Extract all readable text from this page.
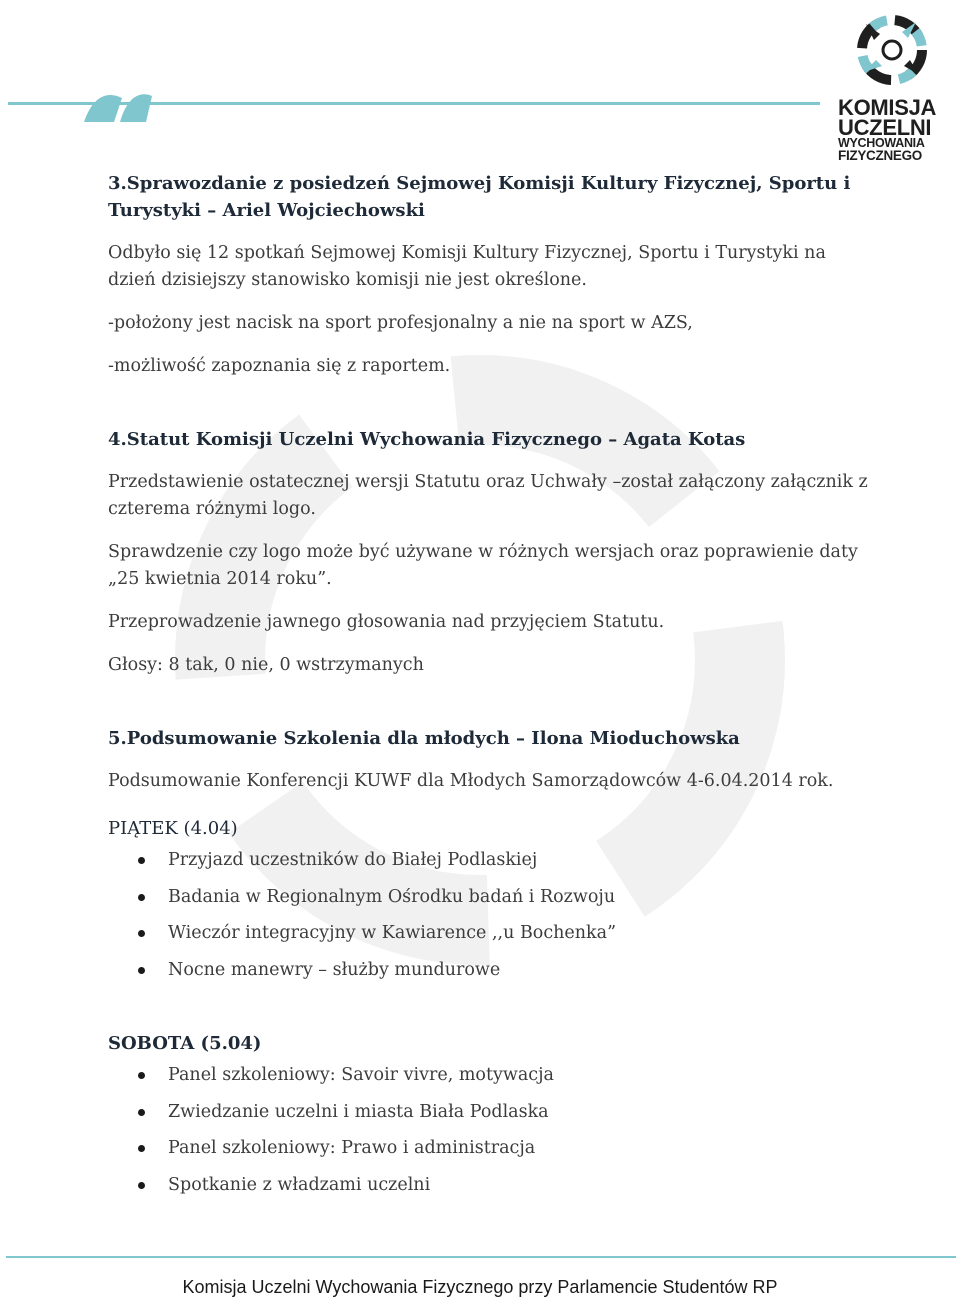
KOMISJA
UCZELNI
WYCHOWANIA
FIZYCZNEGO

3.Sprawozdanie z posiedzeń Sejmowej Komisji Kultury Fizycznej, Sportu i Turystyki – Ariel Wojciechowski

Odbyło się 12 spotkań Sejmowej Komisji Kultury Fizycznej, Sportu i Turystyki na dzień dzisiejszy stanowisko komisji nie jest określone.

-położony jest nacisk na sport profesjonalny a nie na sport w AZS,

-możliwość zapoznania się z raportem.

4.Statut Komisji Uczelni Wychowania Fizycznego – Agata Kotas

Przedstawienie ostatecznej wersji Statutu oraz Uchwały –został załączony załącznik z czterema różnymi logo.

Sprawdzenie czy logo może być używane w różnych wersjach oraz poprawienie daty „25 kwietnia 2014 roku”.

Przeprowadzenie jawnego głosowania nad przyjęciem Statutu.

Głosy: 8 tak, 0 nie, 0 wstrzymanych

5.Podsumowanie Szkolenia dla młodych – Ilona Mioduchowska

Podsumowanie Konferencji KUWF dla Młodych Samorządowców 4-6.04.2014 rok.

PIĄTEK (4.04)

Przyjazd uczestników do Białej Podlaskiej
Badania w Regionalnym Ośrodku badań i Rozwoju
Wieczór integracyjny w Kawiarence ,,u Bochenka”
Nocne manewry – służby mundurowe

SOBOTA (5.04)

Panel szkoleniowy: Savoir vivre, motywacja
Zwiedzanie uczelni i miasta Biała Podlaska
Panel szkoleniowy: Prawo i administracja
Spotkanie z władzami uczelni
Komisja Uczelni Wychowania Fizycznego przy Parlamencie Studentów RP
